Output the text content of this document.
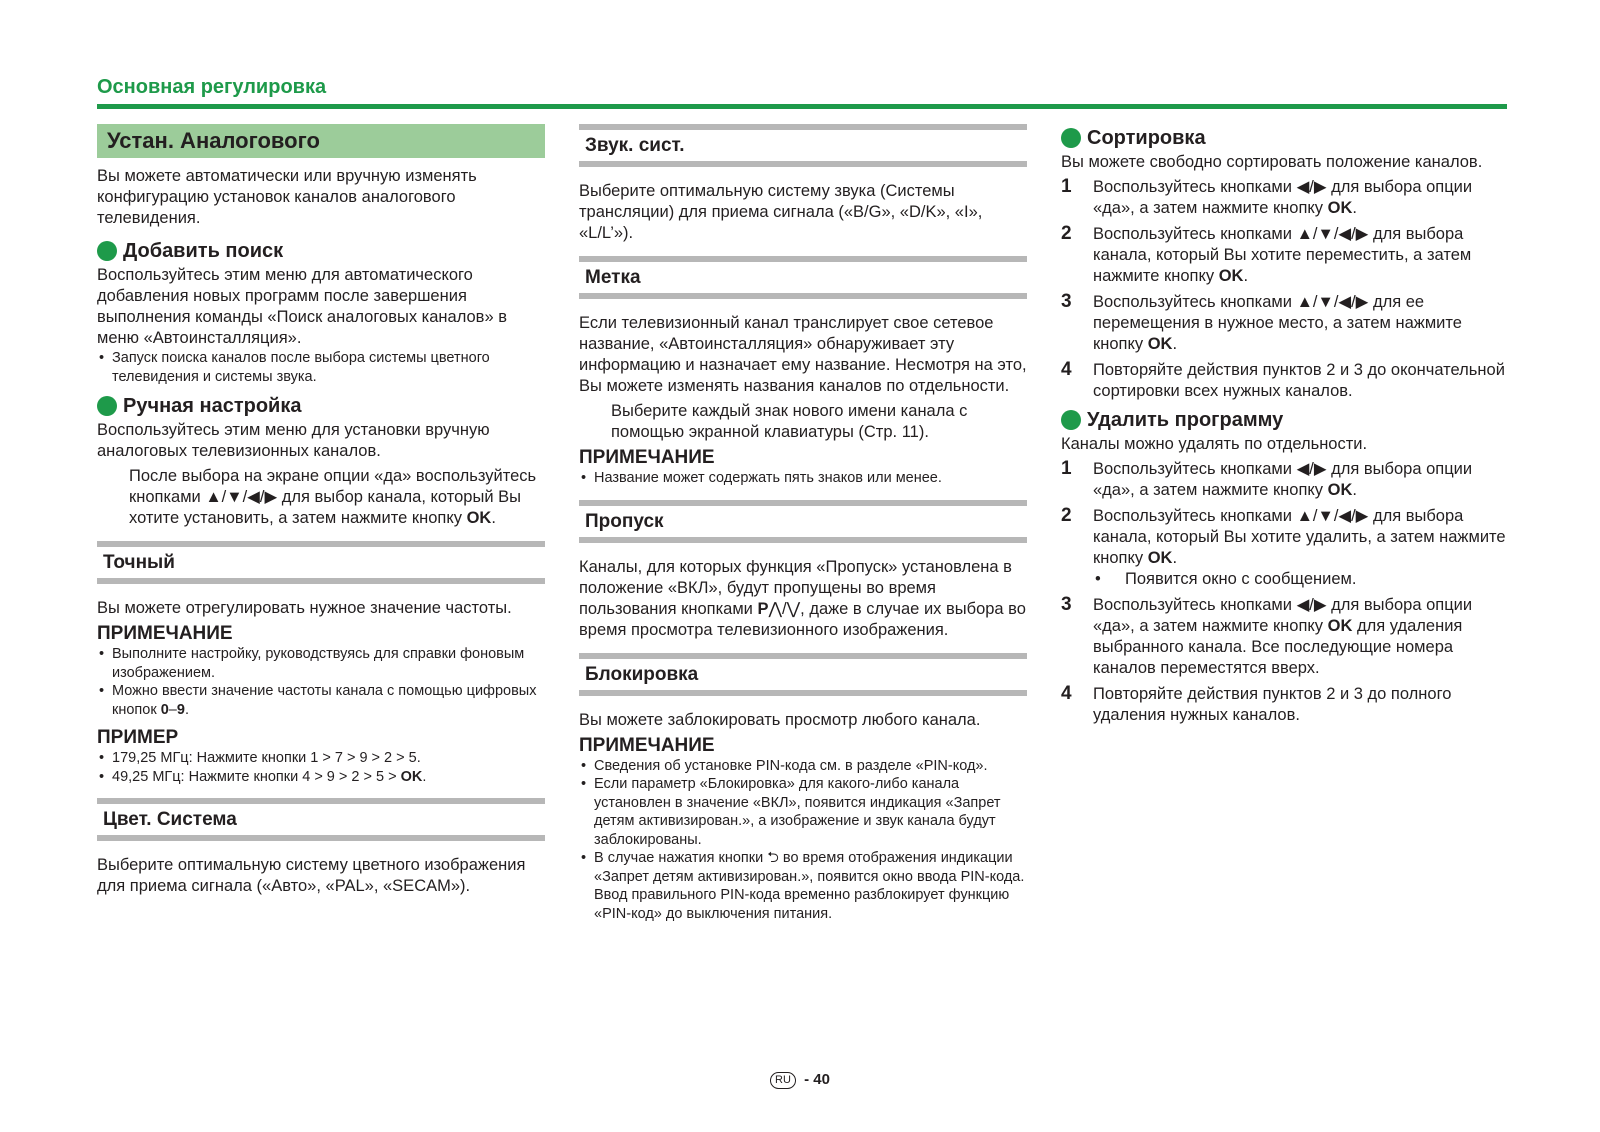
Основная регулировка
Устан. Аналогового

Вы можете автоматически или вручную изменять конфигурацию установок каналов аналогового телевидения.

Добавить поиск

Воспользуйтесь этим меню для автоматического добавления новых программ после завершения выполнения команды «Поиск аналоговых каналов» в меню «Автоинсталляция».

• Запуск поиска каналов после выбора системы цветного телевидения и системы звука.
Ручная настройка

Воспользуйтесь этим меню для установки вручную аналоговых телевизионных каналов.

После выбора на экране опции «да» воспользуйтесь кнопками ▲/▼/◀/▶ для выбор канала, который Вы хотите установить, а затем нажмите кнопку OK.

Точный

Вы можете отрегулировать нужное значение частоты.

ПРИМЕЧАНИЕ
• Выполните настройку, руководствуясь для справки фоновым изображением.
• Можно ввести значение частоты канала с помощью цифровых кнопок 0–9.
ПРИМЕР
• 179,25 МГц: Нажмите кнопки 1 > 7 > 9 > 2 > 5.
• 49,25 МГц: Нажмите кнопки 4 > 9 > 2 > 5 > OK.
Цвет. Система

Выберите оптимальную систему цветного изображения для приема сигнала («Авто», «PAL», «SECAM»).

Звук. сист.

Выберите оптимальную систему звука (Системы трансляции) для приема сигнала («B/G», «D/K», «I», «L/L’»).

Метка

Если телевизионный канал транслирует свое сетевое название, «Автоинсталляция» обнаруживает эту информацию и назначает ему название. Несмотря на это, Вы можете изменять названия каналов по отдельности.

Выберите каждый знак нового имени канала с помощью экранной клавиатуры (Стр. 11).

ПРИМЕЧАНИЕ
• Название может содержать пять знаков или менее.
Пропуск

Каналы, для которых функция «Пропуск» установлена в положение «ВКЛ», будут пропущены во время пользования кнопками P⋀/⋁, даже в случае их выбора во время просмотра телевизионного изображения.

Блокировка

Вы можете заблокировать просмотр любого канала.

ПРИМЕЧАНИЕ
• Сведения об установке PIN-кода см. в разделе «PIN-код».
• Если параметр «Блокировка» для какого-либо канала установлен в значение «ВКЛ», появится индикация «Запрет детям активизирован.», а изображение и звук канала будут заблокированы.
• В случае нажатия кнопки ⮌ во время отображения индикации «Запрет детям активизирован.», появится окно ввода PIN-кода. Ввод правильного PIN-кода временно разблокирует функцию «PIN-код» до выключения питания.
Сортировка

Вы можете свободно сортировать положение каналов.

1 Воспользуйтесь кнопками ◀/▶ для выбора опции «да», а затем нажмите кнопку OK.
2 Воспользуйтесь кнопками ▲/▼/◀/▶ для выбора канала, который Вы хотите переместить, а затем нажмите кнопку OK.
3 Воспользуйтесь кнопками ▲/▼/◀/▶ для ее перемещения в нужное место, а затем нажмите кнопку OK.
4 Повторяйте действия пунктов 2 и 3 до окончательной сортировки всех нужных каналов.
Удалить программу

Каналы можно удалять по отдельности.

1 Воспользуйтесь кнопками ◀/▶ для выбора опции «да», а затем нажмите кнопку OK.
2 Воспользуйтесь кнопками ▲/▼/◀/▶ для выбора канала, который Вы хотите удалить, а затем нажмите кнопку OK.
• Появится окно с сообщением.
3 Воспользуйтесь кнопками ◀/▶ для выбора опции «да», а затем нажмите кнопку OK для удаления выбранного канала. Все последующие номера каналов переместятся вверх.
4 Повторяйте действия пунктов 2 и 3 до полного удаления нужных каналов.
RU - 40
